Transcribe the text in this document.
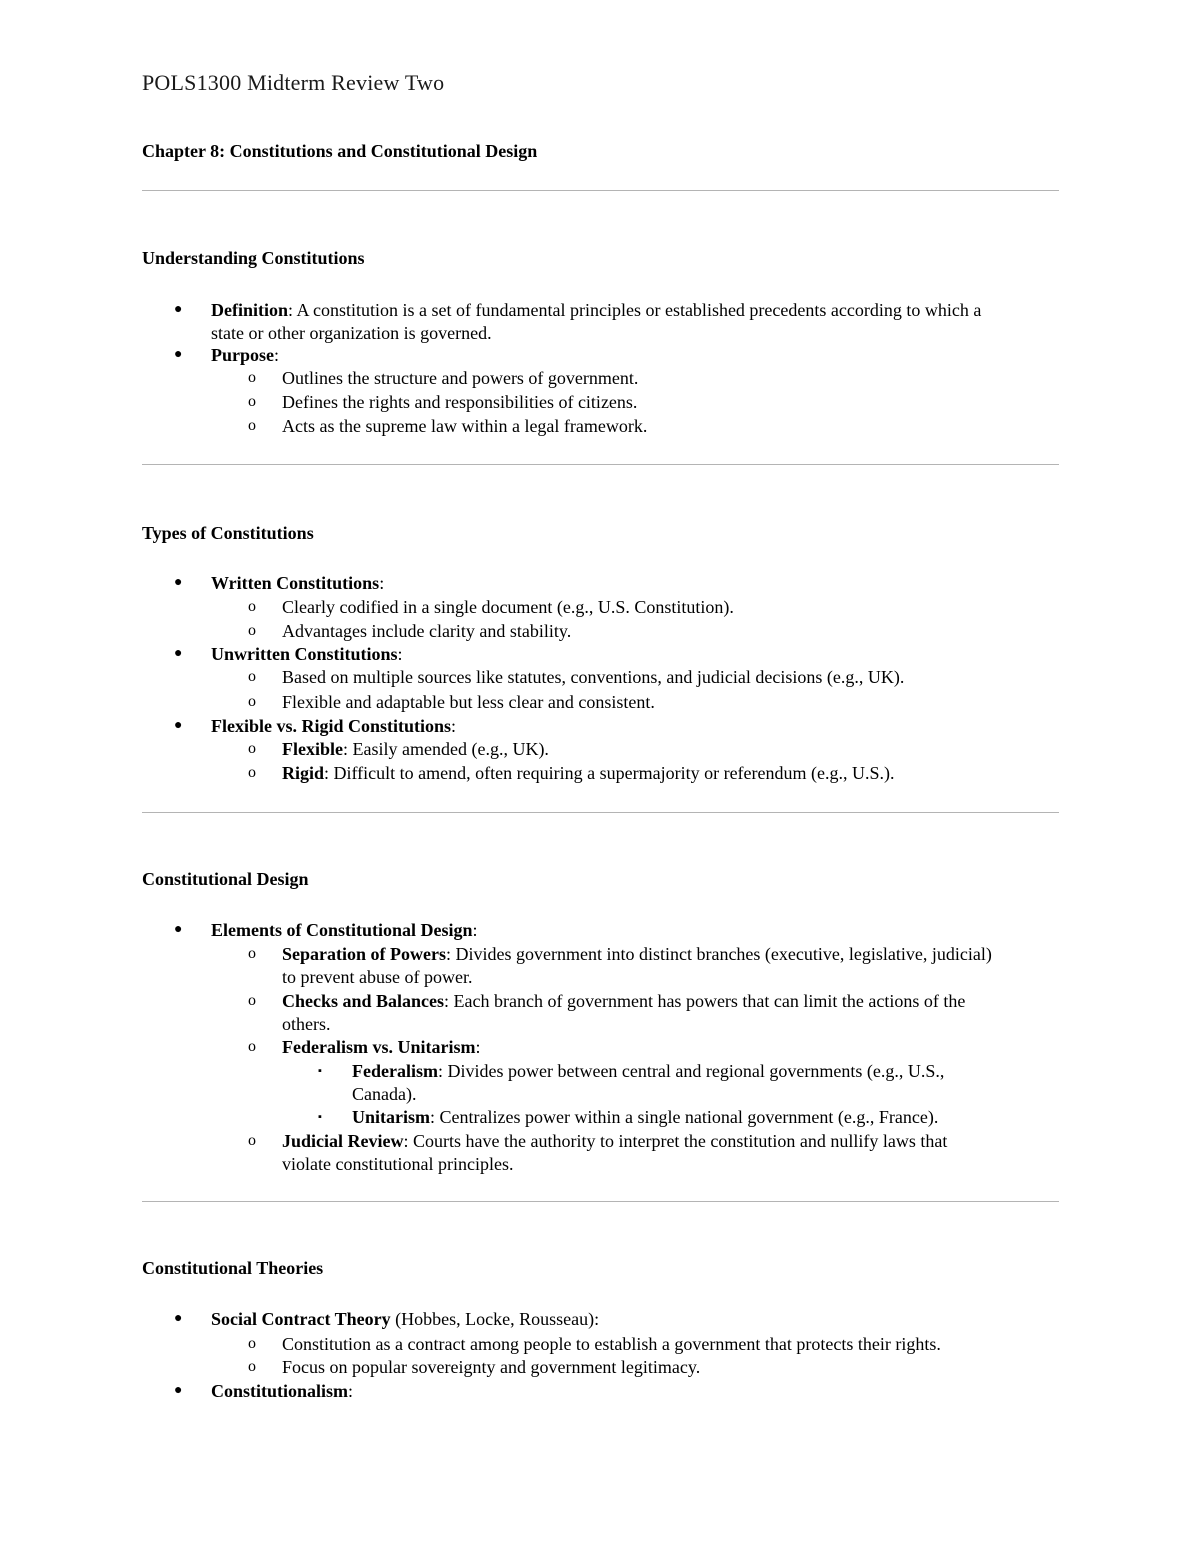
POLS1300 Midterm Review Two
Chapter 8: Constitutions and Constitutional Design
Understanding Constitutions
● Definition: A constitution is a set of fundamental principles or established precedents according to which a
state or other organization is governed.
● Purpose:
o Outlines the structure and powers of government.
o Defines the rights and responsibilities of citizens.
o Acts as the supreme law within a legal framework.
Types of Constitutions
● Written Constitutions:
o Clearly codified in a single document (e.g., U.S. Constitution).
o Advantages include clarity and stability.
● Unwritten Constitutions:
o Based on multiple sources like statutes, conventions, and judicial decisions (e.g., UK).
o Flexible and adaptable but less clear and consistent.
● Flexible vs. Rigid Constitutions:
o Flexible: Easily amended (e.g., UK).
o Rigid: Difficult to amend, often requiring a supermajority or referendum (e.g., U.S.).
Constitutional Design
● Elements of Constitutional Design:
o Separation of Powers: Divides government into distinct branches (executive, legislative, judicial)
to prevent abuse of power.
o Checks and Balances: Each branch of government has powers that can limit the actions of the
others.
o Federalism vs. Unitarism:
▪ Federalism: Divides power between central and regional governments (e.g., U.S.,
Canada).
▪ Unitarism: Centralizes power within a single national government (e.g., France).
o Judicial Review: Courts have the authority to interpret the constitution and nullify laws that
violate constitutional principles.
Constitutional Theories
● Social Contract Theory (Hobbes, Locke, Rousseau):
o Constitution as a contract among people to establish a government that protects their rights.
o Focus on popular sovereignty and government legitimacy.
● Constitutionalism:
